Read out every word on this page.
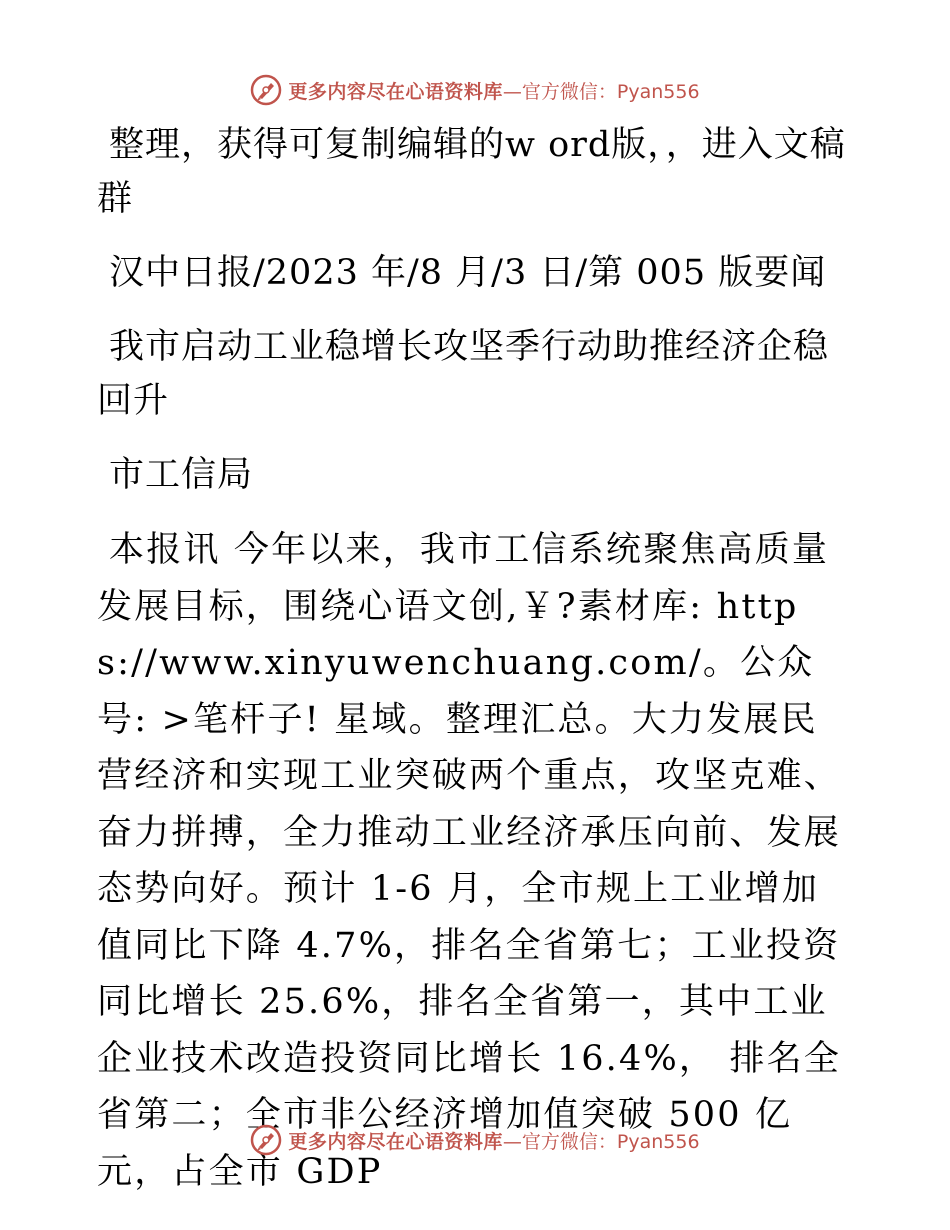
更多内容尽在心语资料库 —官方微信：Pyan556

整理，获得可复制编辑的w ord版，，进入文稿群

汉中日报/2023 年/8 月/3 日/第 005 版要闻

我市启动工业稳增长攻坚季行动助推经济企稳回升

市工信局

本报讯 今年以来，我市工信系统聚焦高质量发展目标，围绕心语文创,￥?素材库: https://www.xinyuwenchuang.com/。公众号: >笔杆子! 星域。整理汇总。大力发展民营经济和实现工业突破两个重点，攻坚克难、奋力拼搏，全力推动工业经济承压向前、发展态势向好。预计 1-6 月，全市规上工业增加值同比下降 4.7%，排名全省第七；工业投资同比增长 25.6%，排名全省第一，其中工业企业技术改造投资同比增长 16.4%， 排名全省第二；全市非公经济增加值突破 500 亿元，占全市 GDP

更多内容尽在心语资料库 —官方微信：Pyan556
